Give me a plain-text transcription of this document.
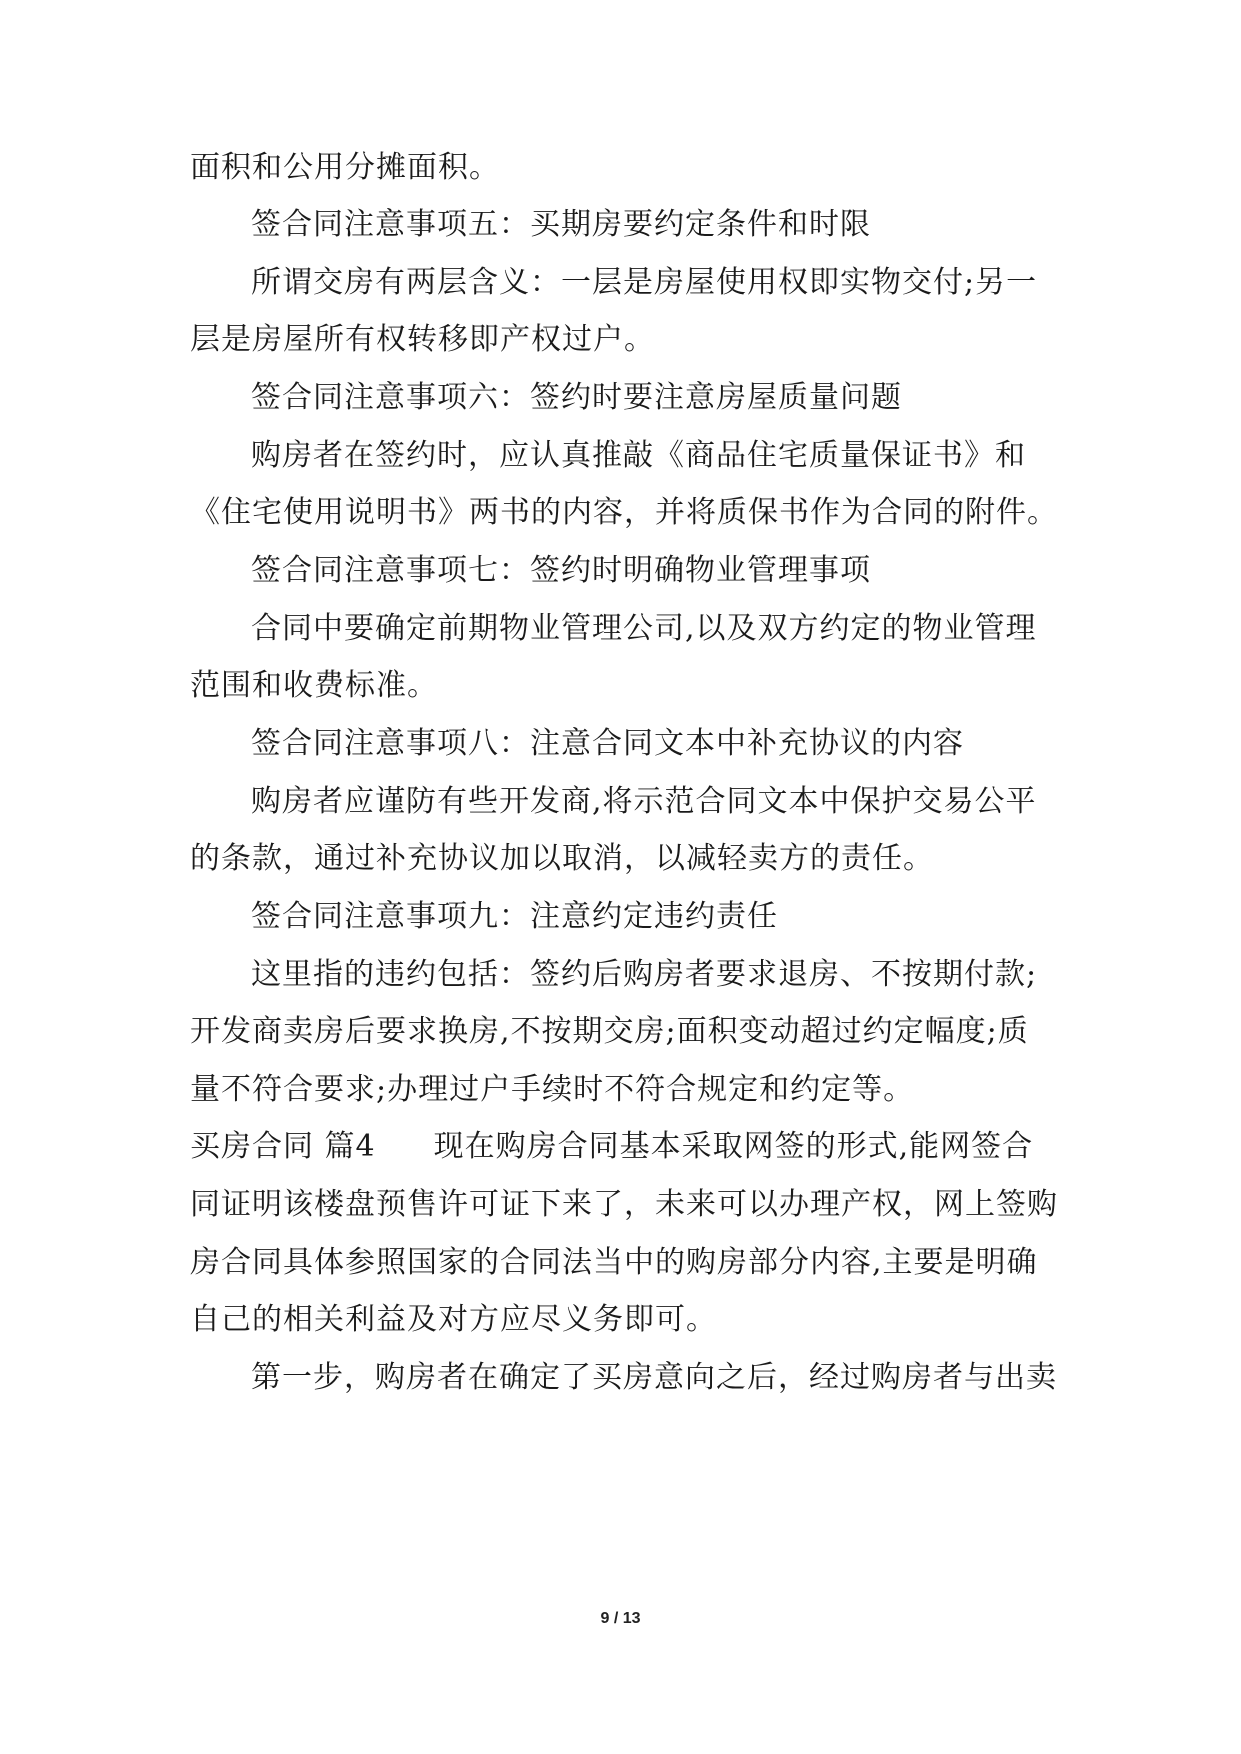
面积和公用分摊面积。
签合同注意事项五：买期房要约定条件和时限
所谓交房有两层含义：一层是房屋使用权即实物交付;另一
层是房屋所有权转移即产权过户。
签合同注意事项六：签约时要注意房屋质量问题
购房者在签约时，应认真推敲《商品住宅质量保证书》和
《住宅使用说明书》两书的内容，并将质保书作为合同的附件。
签合同注意事项七：签约时明确物业管理事项
合同中要确定前期物业管理公司,以及双方约定的物业管理
范围和收费标准。
签合同注意事项八：注意合同文本中补充协议的内容
购房者应谨防有些开发商,将示范合同文本中保护交易公平
的条款，通过补充协议加以取消，以减轻卖方的责任。
签合同注意事项九：注意约定违约责任
这里指的违约包括：签约后购房者要求退房、不按期付款;
开发商卖房后要求换房,不按期交房;面积变动超过约定幅度;质
量不符合要求;办理过户手续时不符合规定和约定等。
买房合同 篇4 现在购房合同基本采取网签的形式,能网签合
同证明该楼盘预售许可证下来了，未来可以办理产权，网上签购
房合同具体参照国家的合同法当中的购房部分内容,主要是明确
自己的相关利益及对方应尽义务即可。
第一步，购房者在确定了买房意向之后，经过购房者与出卖
9 / 13
